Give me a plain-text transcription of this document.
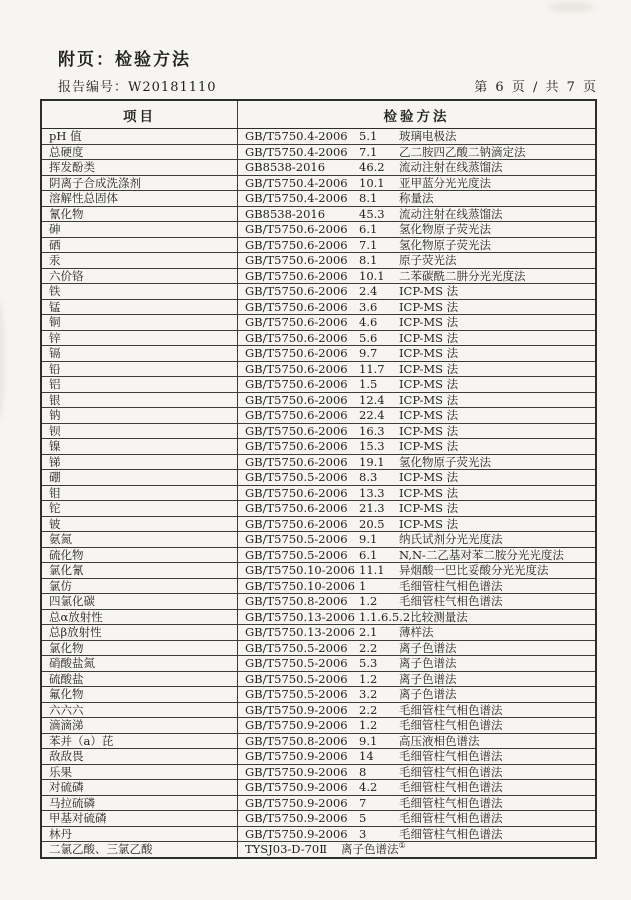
附页：检验方法
报告编号：W20181110	第 6 页 / 共 7 页
项目	检验方法
pH 值	GB/T5750.4-2006 5.1 玻璃电极法
总硬度	GB/T5750.4-2006 7.1 乙二胺四乙酸二钠滴定法
挥发酚类	GB8538-2016 46.2 流动注射在线蒸馏法
阴离子合成洗涤剂	GB/T5750.4-2006 10.1 亚甲蓝分光光度法
溶解性总固体	GB/T5750.4-2006 8.1 称量法
氰化物	GB8538-2016 45.3 流动注射在线蒸馏法
砷	GB/T5750.6-2006 6.1 氢化物原子荧光法
硒	GB/T5750.6-2006 7.1 氢化物原子荧光法
汞	GB/T5750.6-2006 8.1 原子荧光法
六价铬	GB/T5750.6-2006 10.1 二苯碳酰二肼分光光度法
铁	GB/T5750.6-2006 2.4 ICP-MS 法
锰	GB/T5750.6-2006 3.6 ICP-MS 法
铜	GB/T5750.6-2006 4.6 ICP-MS 法
锌	GB/T5750.6-2006 5.6 ICP-MS 法
镉	GB/T5750.6-2006 9.7 ICP-MS 法
铅	GB/T5750.6-2006 11.7 ICP-MS 法
铝	GB/T5750.6-2006 1.5 ICP-MS 法
银	GB/T5750.6-2006 12.4 ICP-MS 法
钠	GB/T5750.6-2006 22.4 ICP-MS 法
钡	GB/T5750.6-2006 16.3 ICP-MS 法
镍	GB/T5750.6-2006 15.3 ICP-MS 法
锑	GB/T5750.6-2006 19.1 氢化物原子荧光法
硼	GB/T5750.5-2006 8.3 ICP-MS 法
钼	GB/T5750.6-2006 13.3 ICP-MS 法
铊	GB/T5750.6-2006 21.3 ICP-MS 法
铍	GB/T5750.6-2006 20.5 ICP-MS 法
氨氮	GB/T5750.5-2006 9.1 纳氏试剂分光光度法
硫化物	GB/T5750.5-2006 6.1 N,N-二乙基对苯二胺分光光度法
氯化氰	GB/T5750.10-2006 11.1 异烟酸一巴比妥酸分光光度法
氯仿	GB/T5750.10-2006 1 毛细管柱气相色谱法
四氯化碳	GB/T5750.8-2006 1.2 毛细管柱气相色谱法
总α放射性	GB/T5750.13-2006 1.1.6.5.2比较测量法
总β放射性	GB/T5750.13-2006 2.1 薄样法
氯化物	GB/T5750.5-2006 2.2 离子色谱法
硝酸盐氮	GB/T5750.5-2006 5.3 离子色谱法
硫酸盐	GB/T5750.5-2006 1.2 离子色谱法
氟化物	GB/T5750.5-2006 3.2 离子色谱法
六六六	GB/T5750.9-2006 2.2 毛细管柱气相色谱法
滴滴涕	GB/T5750.9-2006 1.2 毛细管柱气相色谱法
苯并（a）芘	GB/T5750.8-2006 9.1 高压液相色谱法
敌敌畏	GB/T5750.9-2006 14 毛细管柱气相色谱法
乐果	GB/T5750.9-2006 8 毛细管柱气相色谱法
对硫磷	GB/T5750.9-2006 4.2 毛细管柱气相色谱法
马拉硫磷	GB/T5750.9-2006 7 毛细管柱气相色谱法
甲基对硫磷	GB/T5750.9-2006 5 毛细管柱气相色谱法
林丹	GB/T5750.9-2006 3 毛细管柱气相色谱法
二氯乙酸、三氯乙酸	TYSJ03-D-70Ⅱ 离子色谱法①
